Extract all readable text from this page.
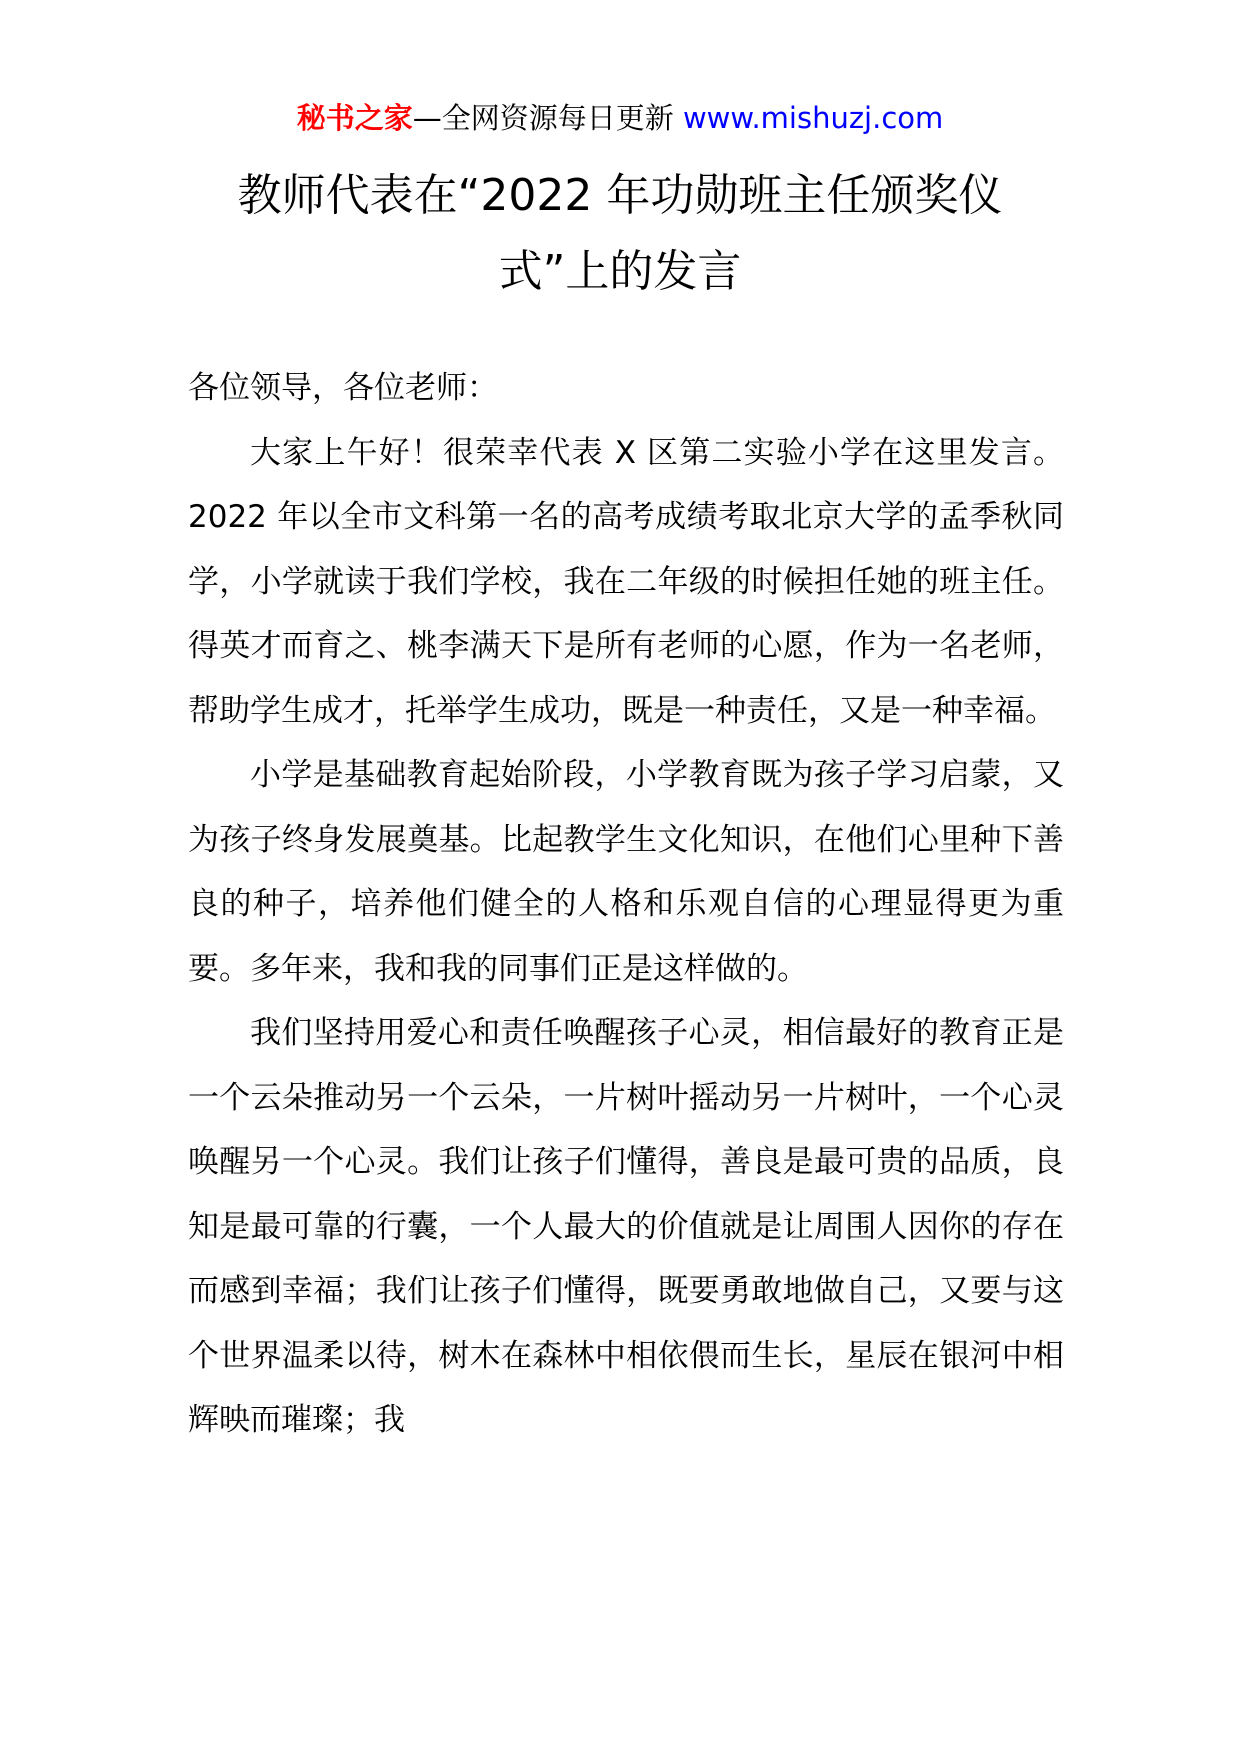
秘书之家—全网资源每日更新 www.mishuzj.com
教师代表在“2022 年功勋班主任颁奖仪
式”上的发言

各位领导，各位老师：

大家上午好！很荣幸代表 X 区第二实验小学在这里发言。2022 年以全市文科第一名的高考成绩考取北京大学的孟季秋同学，小学就读于我们学校，我在二年级的时候担任她的班主任。得英才而育之、桃李满天下是所有老师的心愿，作为一名老师，帮助学生成才，托举学生成功，既是一种责任，又是一种幸福。

小学是基础教育起始阶段，小学教育既为孩子学习启蒙，又为孩子终身发展奠基。比起教学生文化知识，在他们心里种下善良的种子，培养他们健全的人格和乐观自信的心理显得更为重要。多年来，我和我的同事们正是这样做的。

我们坚持用爱心和责任唤醒孩子心灵，相信最好的教育正是一个云朵推动另一个云朵，一片树叶摇动另一片树叶，一个心灵唤醒另一个心灵。我们让孩子们懂得，善良是最可贵的品质，良知是最可靠的行囊，一个人最大的价值就是让周围人因你的存在而感到幸福；我们让孩子们懂得，既要勇敢地做自己，又要与这个世界温柔以待，树木在森林中相依偎而生长，星辰在银河中相辉映而璀璨；我
